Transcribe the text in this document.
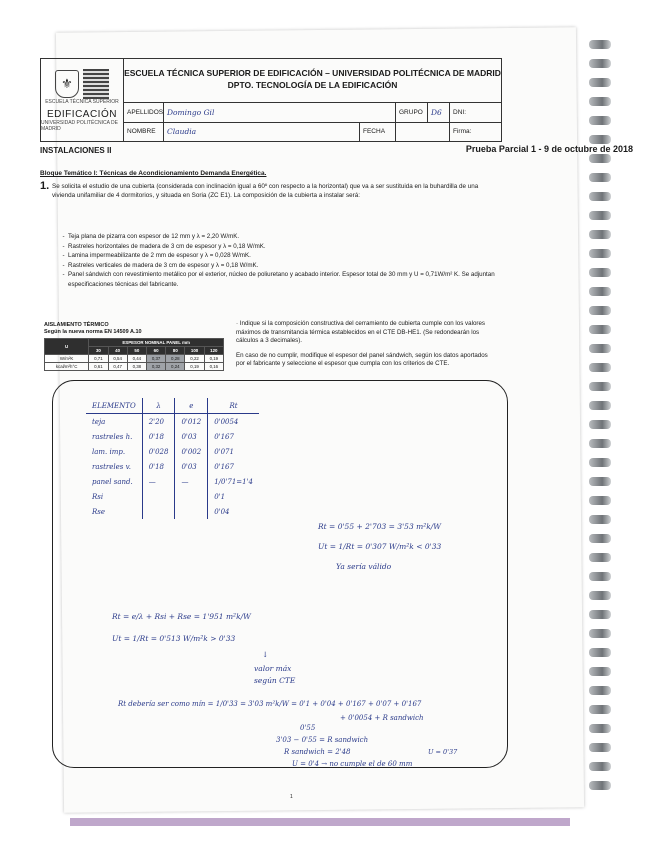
⚜
ESCUELA TÉCNICA SUPERIOR
EDIFICACIÓN
UNIVERSIDAD POLITÉCNICA DE MADRID
ESCUELA TÉCNICA SUPERIOR DE EDIFICACIÓN – UNIVERSIDAD POLITÉCNICA DE MADRID
DPTO. TECNOLOGÍA DE LA EDIFICACIÓN
APELLIDOS Domingo Gil	GRUPO	D6	DNI:
NOMBRE	Claudia	FECHA	Firma:
INSTALACIONES II	Prueba Parcial 1 - 9 de octubre de 2018
Bloque Temático I: Técnicas de Acondicionamiento Demanda Energética.
1. Se solicita el estudio de una cubierta (considerada con inclinación igual a 60º con respecto a la horizontal) que va a ser sustituida en la buhardilla de una vivienda unifamiliar de 4 dormitorios, y situada en Soria (ZC E1). La composición de la cubierta a instalar será:
- Teja plana de pizarra con espesor de 12 mm y λ = 2,20 W/mK.
- Rastreles horizontales de madera de 3 cm de espesor y λ = 0,18 W/mK.
- Lamina impermeabilizante de 2 mm de espesor y λ = 0,028 W/mK.
- Rastreles verticales de madera de 3 cm de espesor y λ = 0,18 W/mK.
- Panel sándwich con revestimiento metálico por el exterior, núcleo de poliuretano y acabado interior. Espesor total de 30 mm y U = 0,71W/m² K. Se adjuntan especificaciones técnicas del fabricante.
AISLAMIENTO TÉRMICO
Según la nueva norma EN 14509 A.10
U	ESPESOR NOMINAL PANEL mm						
	30	40	50	60	80	100	120
W/m²K	0,71	0,54	0,44	0,37	0,28	0,22	0,19
kcal/m²h°C	0,61	0,47	0,38	0,32	0,24	0,19	0,16
· Indique si la composición constructiva del cerramiento de cubierta cumple con los valores máximos de transmitancia térmica establecidos en el CTE DB-HE1. (Se redondearán los cálculos a 3 decimales).
En caso de no cumplir, modifique el espesor del panel sándwich, según los datos aportados por el fabricante y seleccione el espesor que cumpla con los criterios de CTE.
ELEMENTO	λ	e	Rt
teja	2'20	0'012	0'0054
rastreles h.	0'18	0'03	0'167
lam. imp.	0'028	0'002	0'071
rastreles v.	0'18	0'03	0'167
panel sand.	—	—	1/0'71=1'4
Rsi			0'1
Rse			0'04
Rt = 0'55 + 2'703 = 3'53 m²k/W
Ut = 1/Rt = 0'307 W/m²k < 0'33
Ya sería válido
Rt = e/λ + Rsi + Rse = 1'951 m²k/W
Ut = 1/Rt = 0'513 W/m²k > 0'33
↓
valor máx
según CTE
Rt debería ser como mín = 1/0'33 = 3'03 m²k/W = 0'1 + 0'04 + 0'167 + 0'07 + 0'167
+ 0'0054 + R sandwich
0'55
3'03 − 0'55 = R sandwich
R sandwich = 2'48
U = 0'4 → no cumple el de 60 mm
U = 0'37
1
